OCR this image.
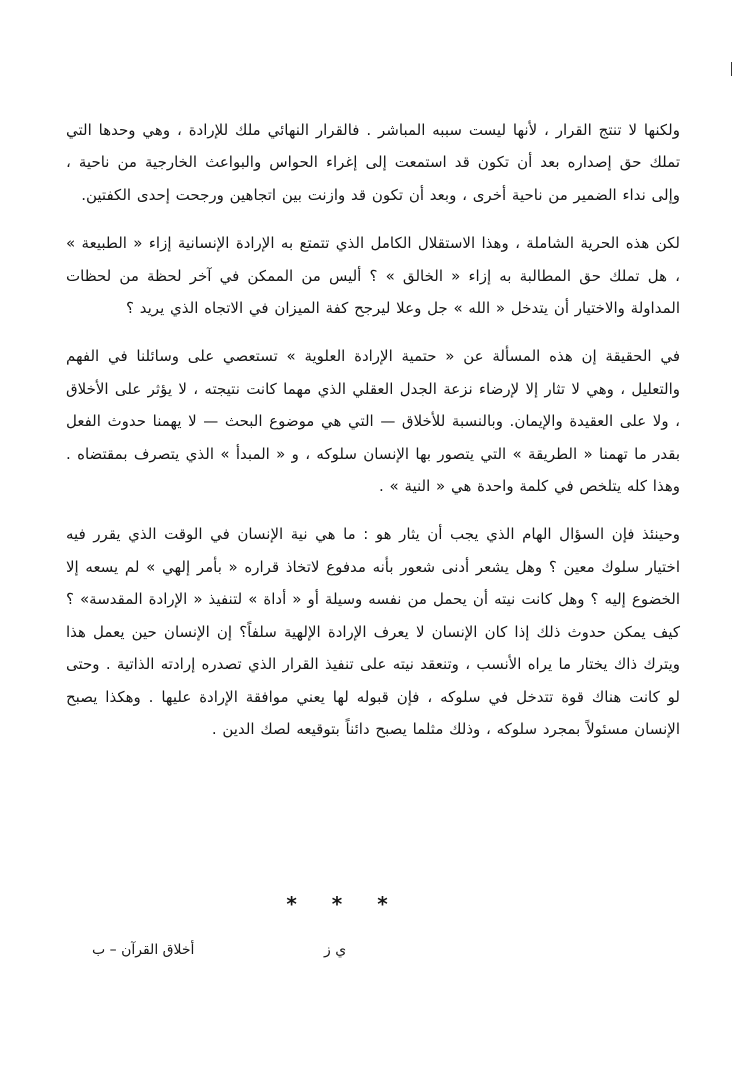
ولكنها لا تنتج القرار ، لأنها ليست سببه المباشر . فالقرار النهائي ملك للإرادة ، وهي وحدها التي تملك حق إصداره بعد أن تكون قد استمعت إلى إغراء الحواس والبواعث الخارجية من ناحية ، وإلى نداء الضمير من ناحية أخرى ، وبعد أن تكون قد وازنت بين اتجاهين ورجحت إحدى الكفتين.

لكن هذه الحرية الشاملة ، وهذا الاستقلال الكامل الذي تتمتع به الإرادة الإنسانية إزاء « الطبيعة » ، هل تملك حق المطالبة به إزاء « الخالق » ؟ أليس من الممكن في آخر لحظة من لحظات المداولة والاختيار أن يتدخل « الله » جل وعلا ليرجح كفة الميزان في الاتجاه الذي يريد ؟

في الحقيقة إن هذه المسألة عن « حتمية الإرادة العلوية » تستعصي على وسائلنا في الفهم والتعليل ، وهي لا تثار إلا لإرضاء نزعة الجدل العقلي الذي مهما كانت نتيجته ، لا يؤثر على الأخلاق ، ولا على العقيدة والإيمان. وبالنسبة للأخلاق — التي هي موضوع البحث — لا يهمنا حدوث الفعل بقدر ما تهمنا « الطريقة » التي يتصور بها الإنسان سلوكه ، و « المبدأ » الذي يتصرف بمقتضاه . وهذا كله يتلخص في كلمة واحدة هي « النية » .

وحينئذ فإن السؤال الهام الذي يجب أن يثار هو : ما هي نية الإنسان في الوقت الذي يقرر فيه اختيار سلوك معين ؟ وهل يشعر أدنى شعور بأنه مدفوع لاتخاذ قراره « بأمر إلهي » لم يسعه إلا الخضوع إليه ؟ وهل كانت نيته أن يحمل من نفسه وسيلة أو « أداة » لتنفيذ « الإرادة المقدسة» ؟ كيف يمكن حدوث ذلك إذا كان الإنسان لا يعرف الإرادة الإلهية سلفاً؟ إن الإنسان حين يعمل هذا ويترك ذاك يختار ما يراه الأنسب ، وتنعقد نيته على تنفيذ القرار الذي تصدره إرادته الذاتية . وحتى لو كانت هناك قوة تتدخل في سلوكه ، فإن قبوله لها يعني موافقة الإرادة عليها . وهكذا يصبح الإنسان مسئولاً بمجرد سلوكه ، وذلك مثلما يصبح دائناً بتوقيعه لصك الدين .

* * *
ي ز
أخلاق القرآن – ب
